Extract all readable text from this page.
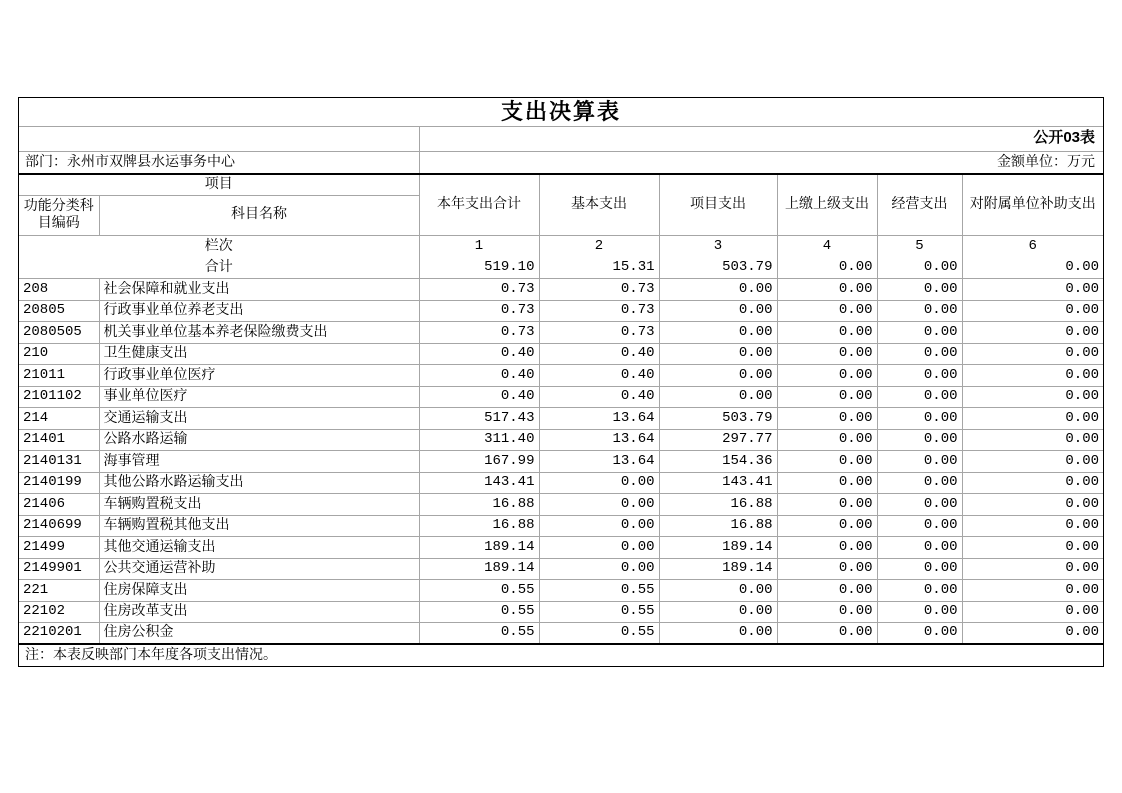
支出决算表							
		公开03表					
部门：永州市双牌县水运事务中心		金额单位：万元					
项目		本年支出合计	基本支出	项目支出	上缴上级支出	经营支出	对附属单位补助支出
功能分类科目编码	科目名称						
栏次		1	2	3	4	5	6
合计		519.10	15.31	503.79	0.00	0.00	0.00
208	社会保障和就业支出	0.73	0.73	0.00	0.00	0.00	0.00
20805	行政事业单位养老支出	0.73	0.73	0.00	0.00	0.00	0.00
2080505	机关事业单位基本养老保险缴费支出	0.73	0.73	0.00	0.00	0.00	0.00
210	卫生健康支出	0.40	0.40	0.00	0.00	0.00	0.00
21011	行政事业单位医疗	0.40	0.40	0.00	0.00	0.00	0.00
2101102	事业单位医疗	0.40	0.40	0.00	0.00	0.00	0.00
214	交通运输支出	517.43	13.64	503.79	0.00	0.00	0.00
21401	公路水路运输	311.40	13.64	297.77	0.00	0.00	0.00
2140131	海事管理	167.99	13.64	154.36	0.00	0.00	0.00
2140199	其他公路水路运输支出	143.41	0.00	143.41	0.00	0.00	0.00
21406	车辆购置税支出	16.88	0.00	16.88	0.00	0.00	0.00
2140699	车辆购置税其他支出	16.88	0.00	16.88	0.00	0.00	0.00
21499	其他交通运输支出	189.14	0.00	189.14	0.00	0.00	0.00
2149901	公共交通运营补助	189.14	0.00	189.14	0.00	0.00	0.00
221	住房保障支出	0.55	0.55	0.00	0.00	0.00	0.00
22102	住房改革支出	0.55	0.55	0.00	0.00	0.00	0.00
2210201	住房公积金	0.55	0.55	0.00	0.00	0.00	0.00
注：本表反映部门本年度各项支出情况。							
